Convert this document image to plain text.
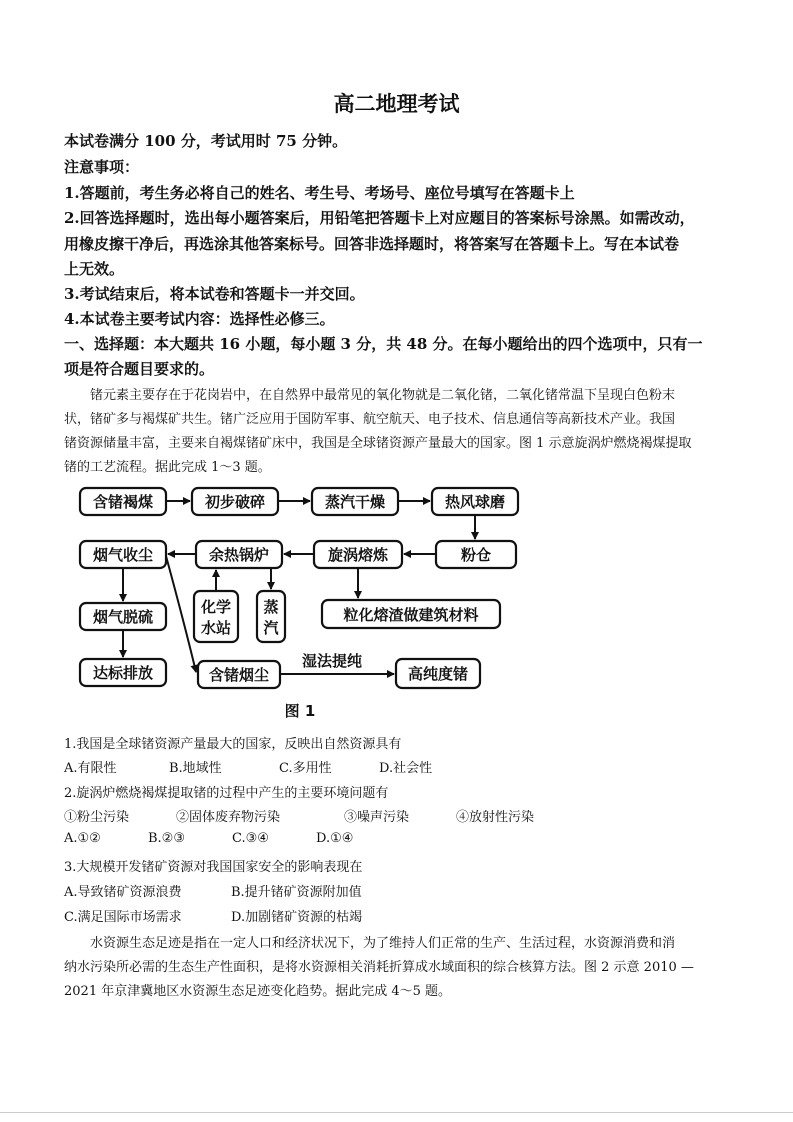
高二地理考试
本试卷满分 100 分，考试用时 75 分钟。
注意事项：
1.答题前，考生务必将自己的姓名、考生号、考场号、座位号填写在答题卡上
2.回答选择题时，选出每小题答案后，用铅笔把答题卡上对应题目的答案标号涂黑。如需改动，
用橡皮擦干净后，再选涂其他答案标号。回答非选择题时，将答案写在答题卡上。写在本试卷
上无效。
3.考试结束后，将本试卷和答题卡一并交回。
4.本试卷主要考试内容：选择性必修三。
一、选择题：本大题共 16 小题，每小题 3 分，共 48 分。在每小题给出的四个选项中，只有一
项是符合题目要求的。
锗元素主要存在于花岗岩中，在自然界中最常见的氧化物就是二氧化锗，二氧化锗常温下呈现白色粉末
状，锗矿多与褐煤矿共生。锗广泛应用于国防军事、航空航天、电子技术、信息通信等高新技术产业。我国
锗资源储量丰富，主要来自褐煤锗矿床中，我国是全球锗资源产量最大的国家。图 1 示意旋涡炉燃烧褐煤提取
锗的工艺流程。据此完成 1～3 题。
含锗褐煤	初步破碎	蒸汽干燥	热风球磨
粉仓
旋涡熔炼
余热锅炉
烟气收尘
化学
水站
蒸
汽
粒化熔渣做建筑材料
烟气脱硫
达标排放	含锗烟尘	高纯度锗
湿法提纯
图 1
1.我国是全球锗资源产量最大的国家，反映出自然资源具有
A.有限性	B.地域性	C.多用性	D.社会性
2.旋涡炉燃烧褐煤提取锗的过程中产生的主要环境问题有
①粉尘污染	②固体废弃物污染	③噪声污染	④放射性污染
A.①②	B.②③	C.③④	D.①④
3.大规模开发锗矿资源对我国国家安全的影响表现在
A.导致锗矿资源浪费	B.提升锗矿资源附加值
C.满足国际市场需求	D.加剧锗矿资源的枯竭
水资源生态足迹是指在一定人口和经济状况下，为了维持人们正常的生产、生活过程，水资源消费和消
纳水污染所必需的生态生产性面积，是将水资源相关消耗折算成水域面积的综合核算方法。图 2 示意 2010 —
2021 年京津冀地区水资源生态足迹变化趋势。据此完成 4～5 题。
